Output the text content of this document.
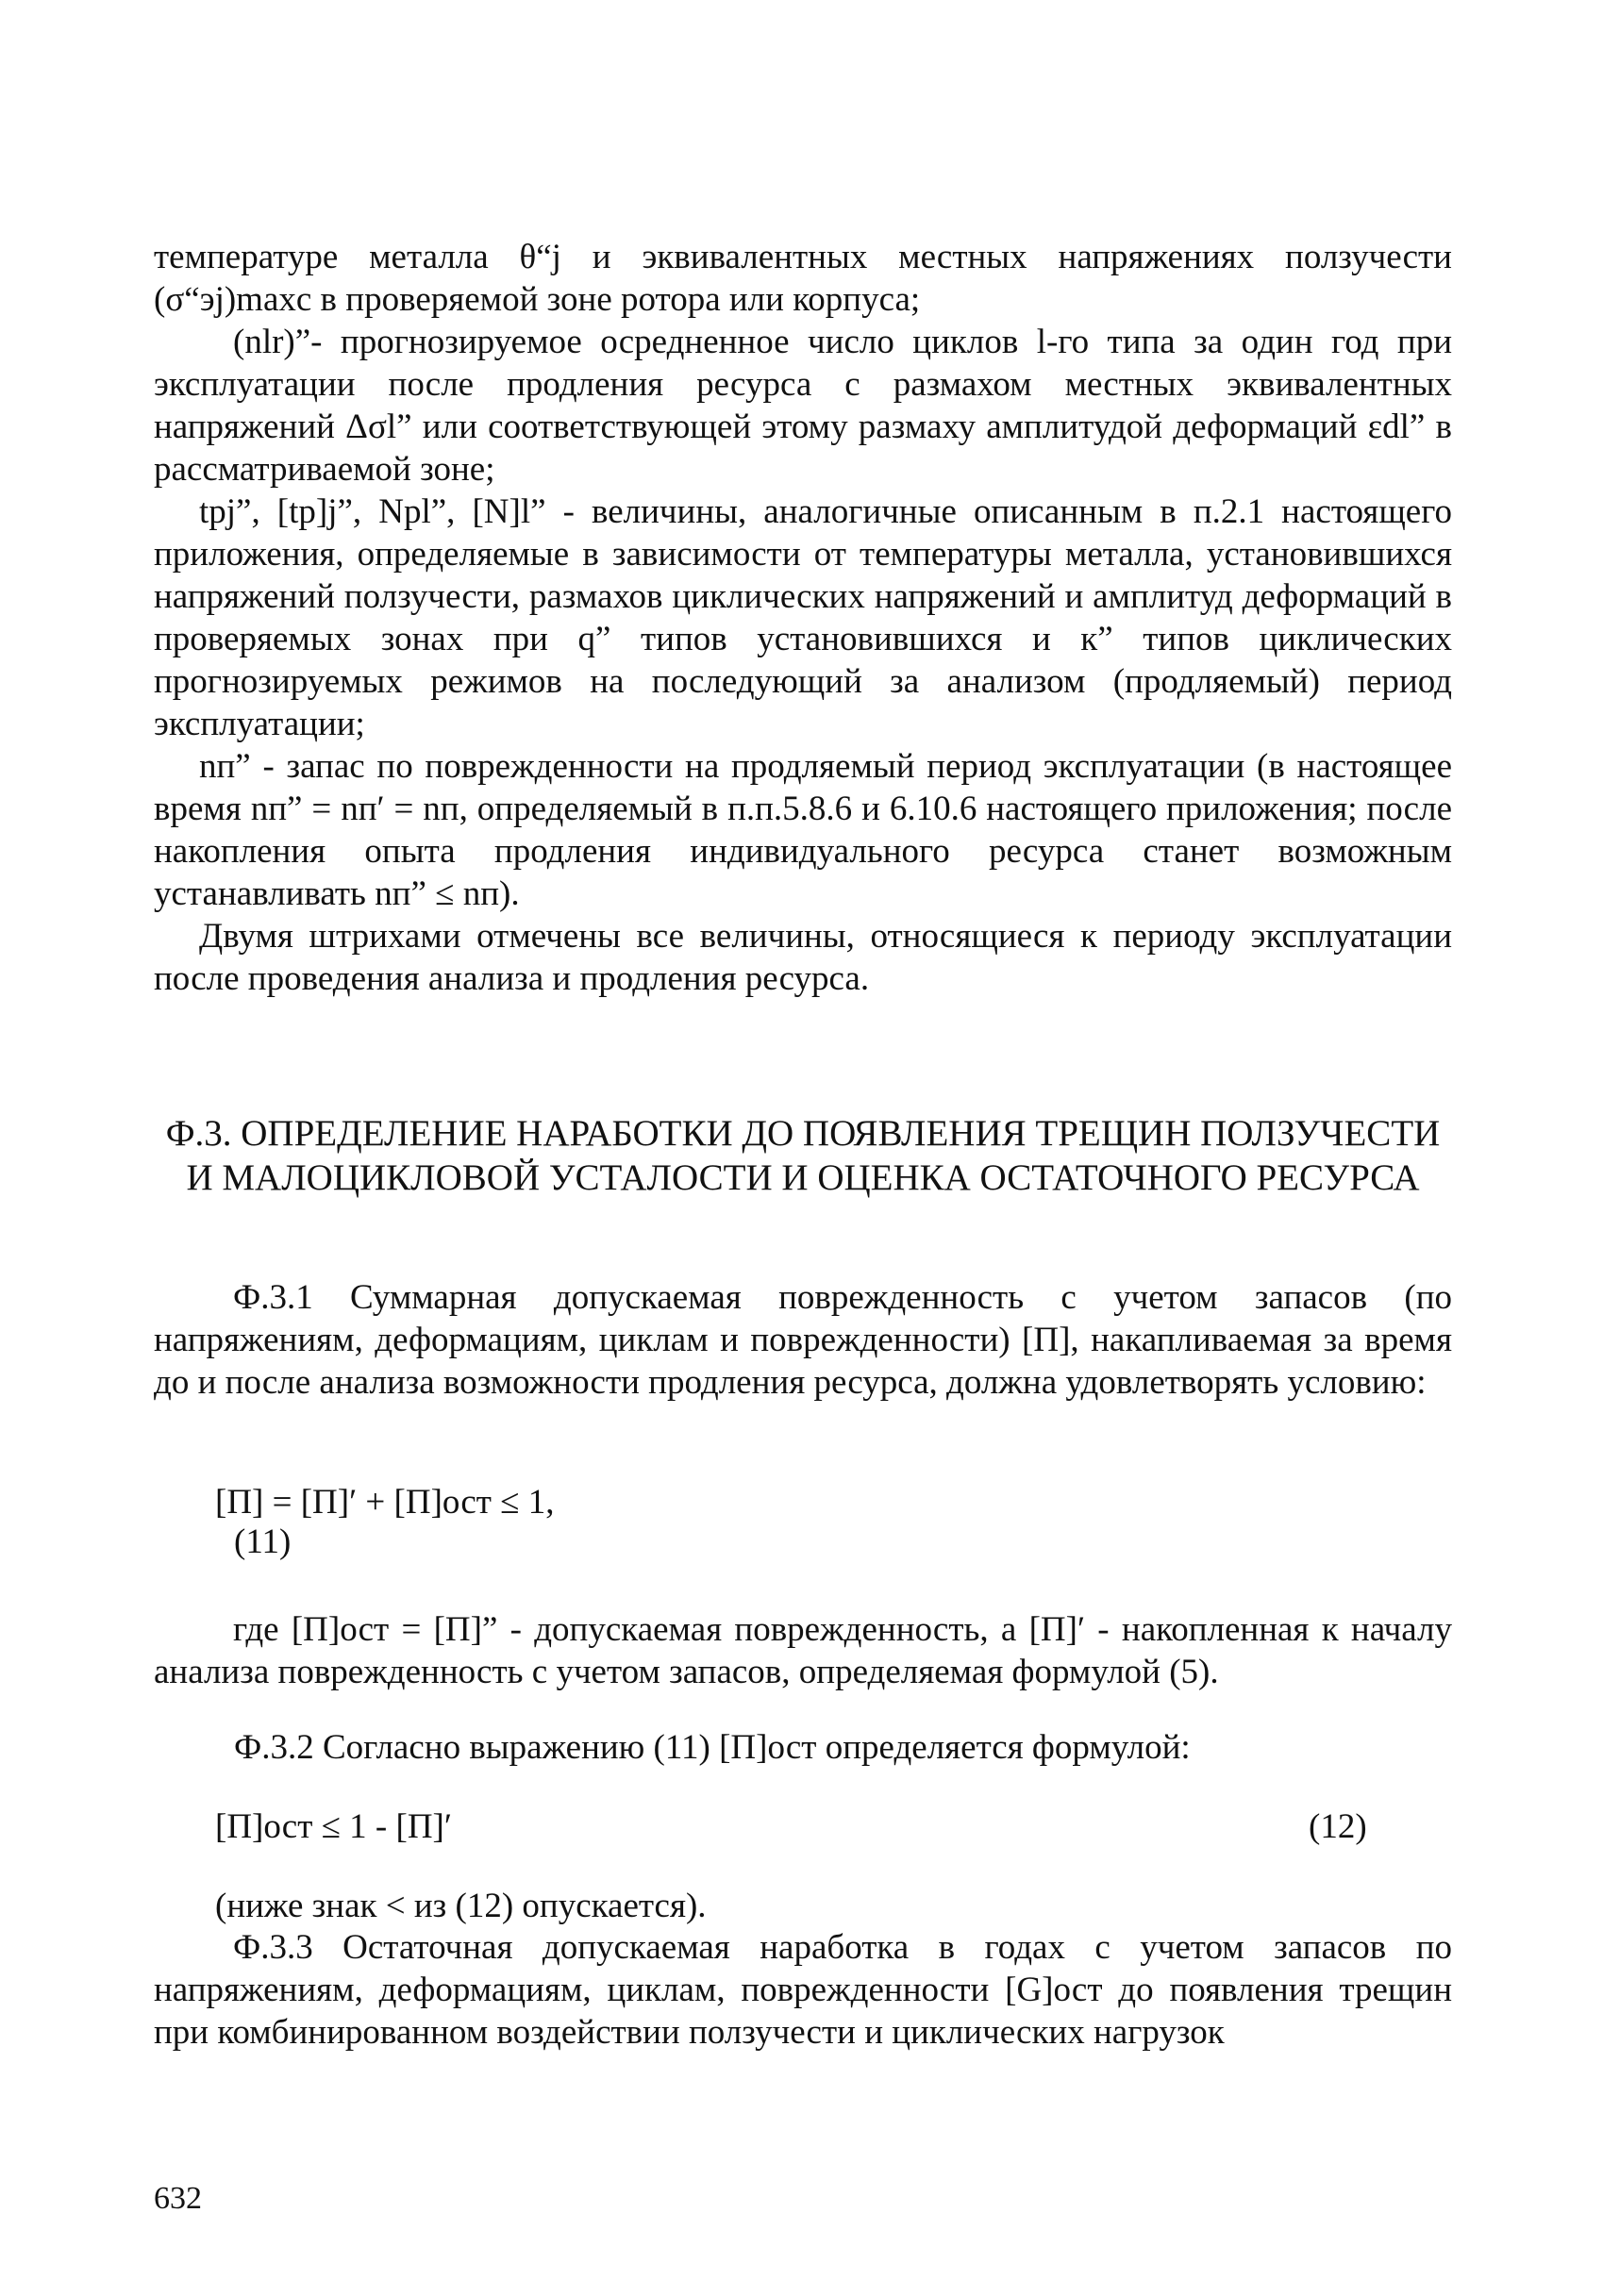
температуре металла θ“j и эквивалентных местных напряжениях ползучести (σ“эj)maxс в проверяемой зоне ротора или корпуса;

(nlr)”- прогнозируемое осредненное число циклов l-го типа за один год при эксплуатации после продления ресурса с размахом местных эквивалентных напряжений Δσl” или соответствующей этому размаху амплитудой деформаций εdl” в рассматриваемой зоне;

tpj”, [tp]j”, Npl”, [N]l” - величины, аналогичные описанным в п.2.1 настоящего приложения, определяемые в зависимости от температуры металла, установившихся напряжений ползучести, размахов циклических напряжений и амплитуд деформаций в проверяемых зонах при q” типов установившихся и к” типов циклических прогнозируемых режимов на последующий за анализом (продляемый) период эксплуатации;

nп” - запас по поврежденности на продляемый период эксплуатации (в настоящее время nп” = nп′ = nп, определяемый в п.п.5.8.6 и 6.10.6 настоящего приложения; после накопления опыта продления индивидуального ресурса станет возможным устанавливать nп” ≤ nп).

Двумя штрихами отмечены все величины, относящиеся к периоду эксплуатации после проведения анализа и продления ресурса.

Ф.3. ОПРЕДЕЛЕНИЕ НАРАБОТКИ ДО ПОЯВЛЕНИЯ ТРЕЩИН ПОЛЗУЧЕСТИ И МАЛОЦИКЛОВОЙ УСТАЛОСТИ И ОЦЕНКА ОСТАТОЧНОГО РЕСУРСА

Ф.3.1 Суммарная допускаемая поврежденность с учетом запасов (по напряжениям, деформациям, циклам и поврежденности) [П], накапливаемая за время до и после анализа возможности продления ресурса, должна удовлетворять условию:

[П] = [П]′ + [П]ост ≤ 1,
(11)

где [П]ост = [П]” - допускаемая поврежденность, а [П]′ - накопленная к началу анализа поврежденность с учетом запасов, определяемая формулой (5).

Ф.3.2 Согласно выражению (11) [П]ост определяется формулой:
[П]ост ≤ 1 - [П]′	(12)
(ниже знак < из (12) опускается).

Ф.3.3 Остаточная допускаемая наработка в годах с учетом запасов по напряжениям, деформациям, циклам, поврежденности [G]ост до появления трещин при комбинированном воздействии ползучести и циклических нагрузок

632
